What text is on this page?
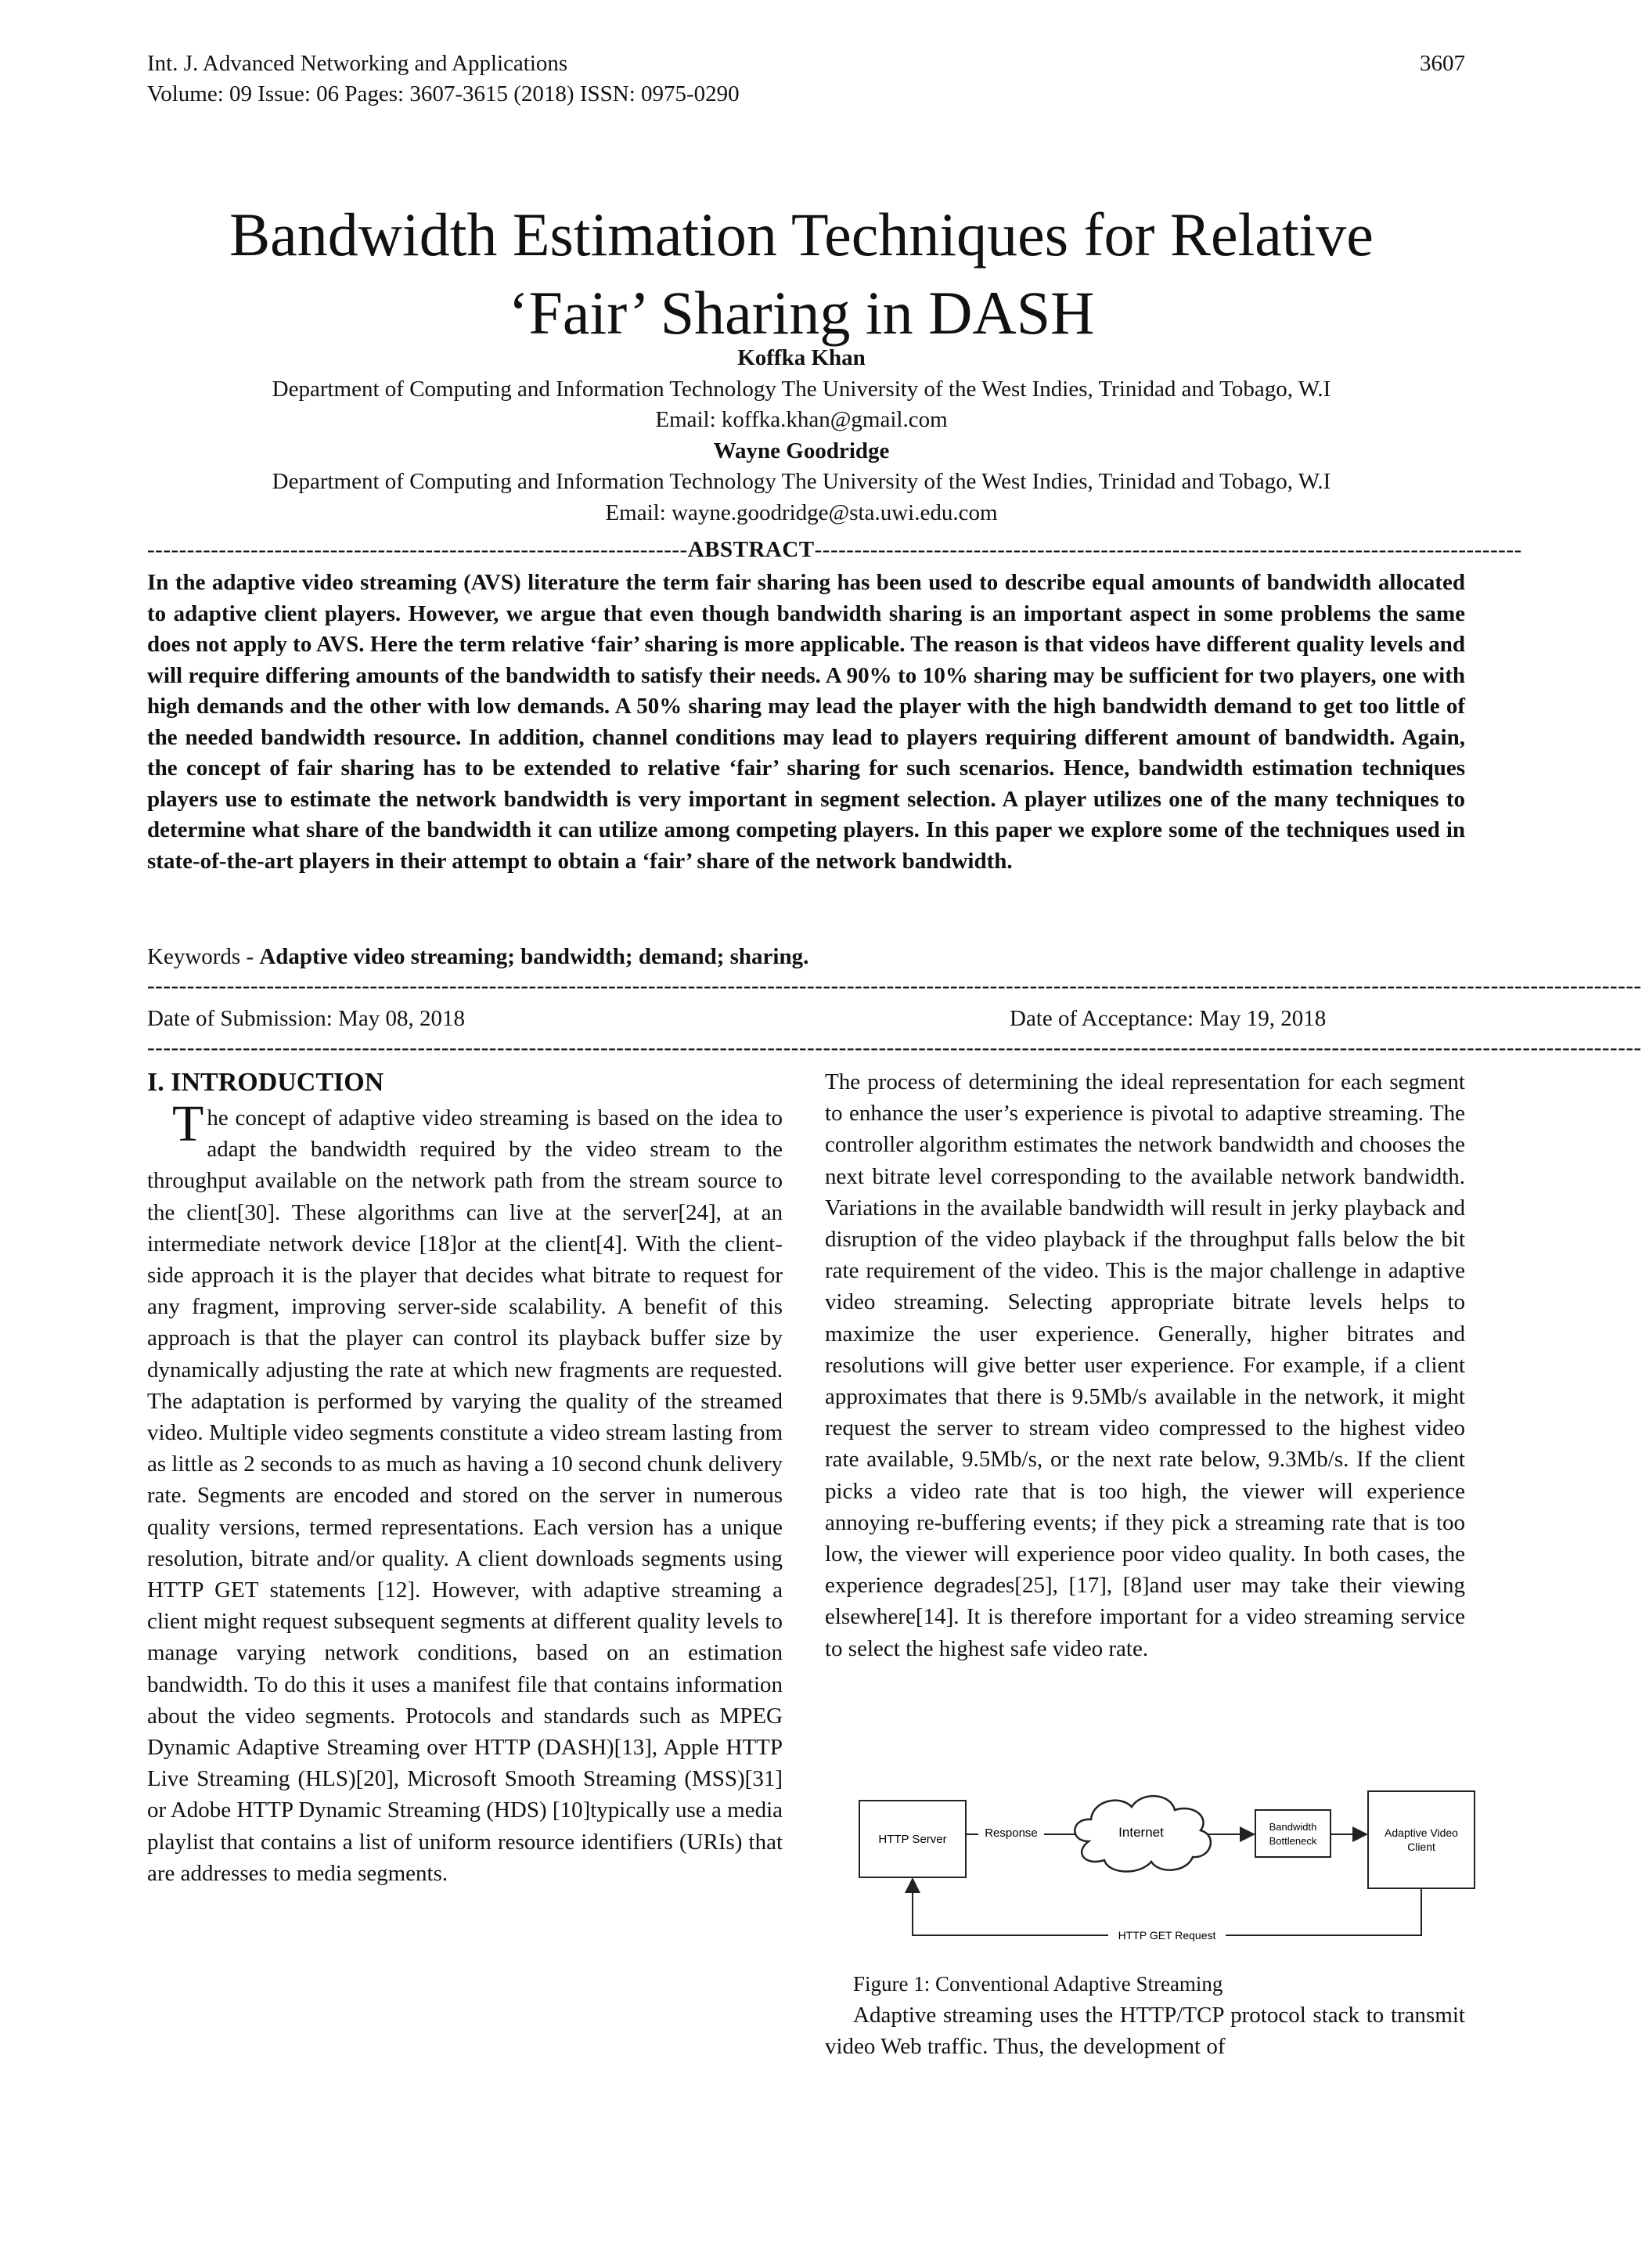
Int. J. Advanced Networking and Applications
Volume: 09 Issue: 06 Pages: 3607-3615 (2018) ISSN: 0975-0290
3607
Bandwidth Estimation Techniques for Relative
‘Fair’ Sharing in DASH
Koffka Khan
Department of Computing and Information Technology The University of the West Indies, Trinidad and Tobago, W.I
Email: koffka.khan@gmail.com
Wayne Goodridge
Department of Computing and Information Technology The University of the West Indies, Trinidad and Tobago, W.I
Email: wayne.goodridge@sta.uwi.edu.com
--------------------------------------------------------------------ABSTRACT-----------------------------------------------------------------------------------------
In the adaptive video streaming (AVS) literature the term fair sharing has been used to describe equal amounts of bandwidth allocated to adaptive client players. However, we argue that even though bandwidth sharing is an important aspect in some problems the same does not apply to AVS. Here the term relative ‘fair’ sharing is more applicable. The reason is that videos have different quality levels and will require differing amounts of the bandwidth to satisfy their needs. A 90% to 10% sharing may be sufficient for two players, one with high demands and the other with low demands. A 50% sharing may lead the player with the high bandwidth demand to get too little of the needed bandwidth resource. In addition, channel conditions may lead to players requiring different amount of bandwidth. Again, the concept of fair sharing has to be extended to relative ‘fair’ sharing for such scenarios. Hence, bandwidth estimation techniques players use to estimate the network bandwidth is very important in segment selection. A player utilizes one of the many techniques to determine what share of the bandwidth it can utilize among competing players. In this paper we explore some of the techniques used in state-of-the-art players in their attempt to obtain a ‘fair’ share of the network bandwidth.
Keywords - Adaptive video streaming; bandwidth; demand; sharing.
--------------------------------------------------------------------------------------------------------------------------------------------------------------------------------------------
Date of Submission: May 08, 2018	Date of Acceptance: May 19, 2018
--------------------------------------------------------------------------------------------------------------------------------------------------------------------------------------------
I. INTRODUCTION

The concept of adaptive video streaming is based on the idea to adapt the bandwidth required by the video stream to the throughput available on the network path from the stream source to the client[30]. These algorithms can live at the server[24], at an intermediate network device [18]or at the client[4]. With the client-side approach it is the player that decides what bitrate to request for any fragment, improving server-side scalability. A benefit of this approach is that the player can control its playback buffer size by dynamically adjusting the rate at which new fragments are requested. The adaptation is performed by varying the quality of the streamed video. Multiple video segments constitute a video stream lasting from as little as 2 seconds to as much as having a 10 second chunk delivery rate. Segments are encoded and stored on the server in numerous quality versions, termed representations. Each version has a unique resolution, bitrate and/or quality. A client downloads segments using HTTP GET statements [12]. However, with adaptive streaming a client might request subsequent segments at different quality levels to manage varying network conditions, based on an estimation bandwidth. To do this it uses a manifest file that contains information about the video segments. Protocols and standards such as MPEG Dynamic Adaptive Streaming over HTTP (DASH)[13], Apple HTTP Live Streaming (HLS)[20], Microsoft Smooth Streaming (MSS)[31] or Adobe HTTP Dynamic Streaming (HDS) [10]typically use a media playlist that contains a list of uniform resource identifiers (URIs) that are addresses to media segments.

The process of determining the ideal representation for each segment to enhance the user’s experience is pivotal to adaptive streaming. The controller algorithm estimates the network bandwidth and chooses the next bitrate level corresponding to the available network bandwidth. Variations in the available bandwidth will result in jerky playback and disruption of the video playback if the throughput falls below the bit rate requirement of the video. This is the major challenge in adaptive video streaming. Selecting appropriate bitrate levels helps to maximize the user experience. Generally, higher bitrates and resolutions will give better user experience. For example, if a client approximates that there is 9.5Mb/s available in the network, it might request the server to stream video compressed to the highest video rate available, 9.5Mb/s, or the next rate below, 9.3Mb/s. If the client picks a video rate that is too high, the viewer will experience annoying re-buffering events; if they pick a streaming rate that is too low, the viewer will experience poor video quality. In both cases, the experience degrades[25], [17], [8]and user may take their viewing elsewhere[14]. It is therefore important for a video streaming service to select the highest safe video rate.
HTTP Server	Response	Internet	Bandwidth
Bottleneck
Adaptive Video
Client
HTTP GET Request
Figure 1: Conventional Adaptive Streaming
Adaptive streaming uses the HTTP/TCP protocol stack to transmit video Web traffic. Thus, the development of
